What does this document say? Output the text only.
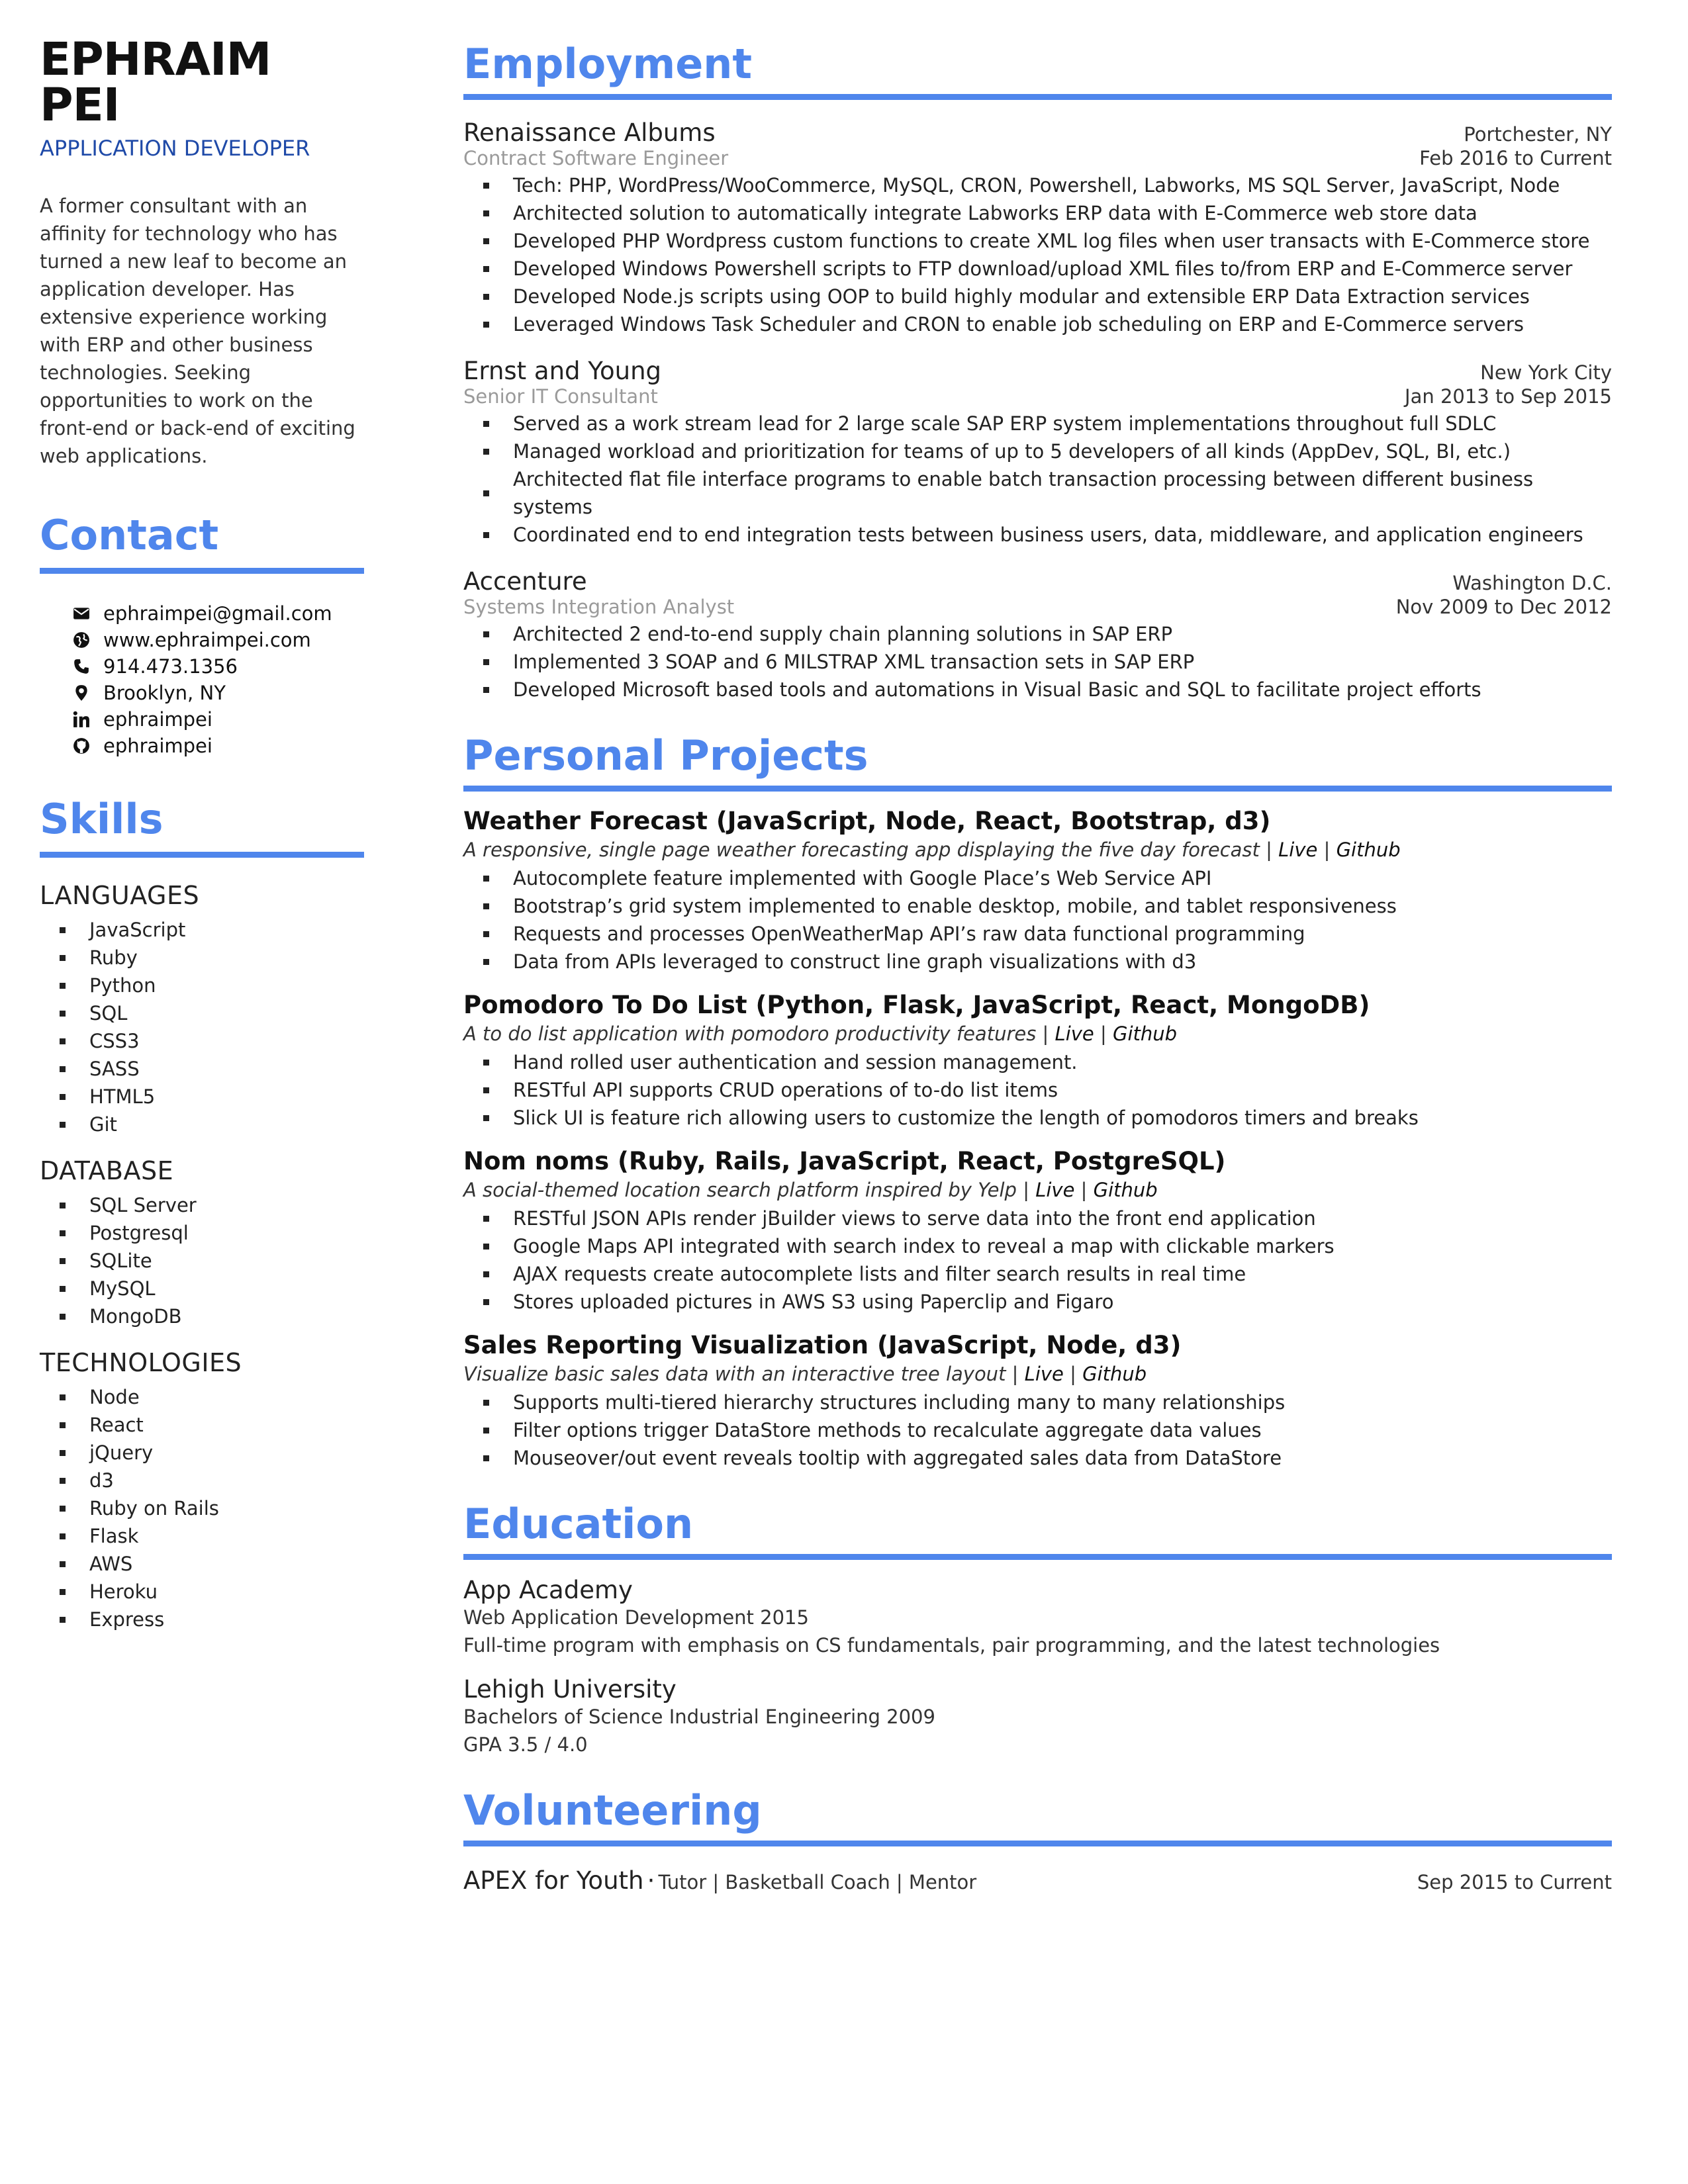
EPHRAIM PEI
APPLICATION DEVELOPER
A former consultant with an affinity for technology who has turned a new leaf to become an application developer. Has extensive experience working with ERP and other business technologies. Seeking opportunities to work on the front-end or back-end of exciting web applications.
Contact
ephraimpei@gmail.com
www.ephraimpei.com
914.473.1356
Brooklyn, NY
ephraimpei
ephraimpei
Skills
LANGUAGES
JavaScript
Ruby
Python
SQL
CSS3
SASS
HTML5
Git
DATABASE
SQL Server
Postgresql
SQLite
MySQL
MongoDB
TECHNOLOGIES
Node
React
jQuery
d3
Ruby on Rails
Flask
AWS
Heroku
Express
Employment
Renaissance Albums	Portchester, NY
Contract Software Engineer	Feb 2016 to Current
Tech: PHP, WordPress/WooCommerce, MySQL, CRON, Powershell, Labworks, MS SQL Server, JavaScript, Node
Architected solution to automatically integrate Labworks ERP data with E-Commerce web store data
Developed PHP Wordpress custom functions to create XML log files when user transacts with E-Commerce store
Developed Windows Powershell scripts to FTP download/upload XML files to/from ERP and E-Commerce server
Developed Node.js scripts using OOP to build highly modular and extensible ERP Data Extraction services
Leveraged Windows Task Scheduler and CRON to enable job scheduling on ERP and E-Commerce servers
Ernst and Young	New York City
Senior IT Consultant	Jan 2013 to Sep 2015
Served as a work stream lead for 2 large scale SAP ERP system implementations throughout full SDLC
Managed workload and prioritization for teams of up to 5 developers of all kinds (AppDev, SQL, BI, etc.)
Architected flat file interface programs to enable batch transaction processing between different business systems
Coordinated end to end integration tests between business users, data, middleware, and application engineers
Accenture	Washington D.C.
Systems Integration Analyst	Nov 2009 to Dec 2012
Architected 2 end-to-end supply chain planning solutions in SAP ERP
Implemented 3 SOAP and 6 MILSTRAP XML transaction sets in SAP ERP
Developed Microsoft based tools and automations in Visual Basic and SQL to facilitate project efforts
Personal Projects
Weather Forecast (JavaScript, Node, React, Bootstrap, d3)
A responsive, single page weather forecasting app displaying the five day forecast | Live | Github
Autocomplete feature implemented with Google Place’s Web Service API
Bootstrap’s grid system implemented to enable desktop, mobile, and tablet responsiveness
Requests and processes OpenWeatherMap API’s raw data functional programming
Data from APIs leveraged to construct line graph visualizations with d3
Pomodoro To Do List (Python, Flask, JavaScript, React, MongoDB)
A to do list application with pomodoro productivity features | Live | Github
Hand rolled user authentication and session management.
RESTful API supports CRUD operations of to-do list items
Slick UI is feature rich allowing users to customize the length of pomodoros timers and breaks
Nom noms (Ruby, Rails, JavaScript, React, PostgreSQL)
A social-themed location search platform inspired by Yelp | Live | Github
RESTful JSON APIs render jBuilder views to serve data into the front end application
Google Maps API integrated with search index to reveal a map with clickable markers
AJAX requests create autocomplete lists and filter search results in real time
Stores uploaded pictures in AWS S3 using Paperclip and Figaro
Sales Reporting Visualization (JavaScript, Node, d3)
Visualize basic sales data with an interactive tree layout | Live | Github
Supports multi-tiered hierarchy structures including many to many relationships
Filter options trigger DataStore methods to recalculate aggregate data values
Mouseover/out event reveals tooltip with aggregated sales data from DataStore
Education
App Academy
Web Application Development 2015
Full-time program with emphasis on CS fundamentals, pair programming, and the latest technologies
Lehigh University
Bachelors of Science Industrial Engineering 2009
GPA 3.5 / 4.0
Volunteering
APEX for Youth · Tutor | Basketball Coach | Mentor	Sep 2015 to Current
